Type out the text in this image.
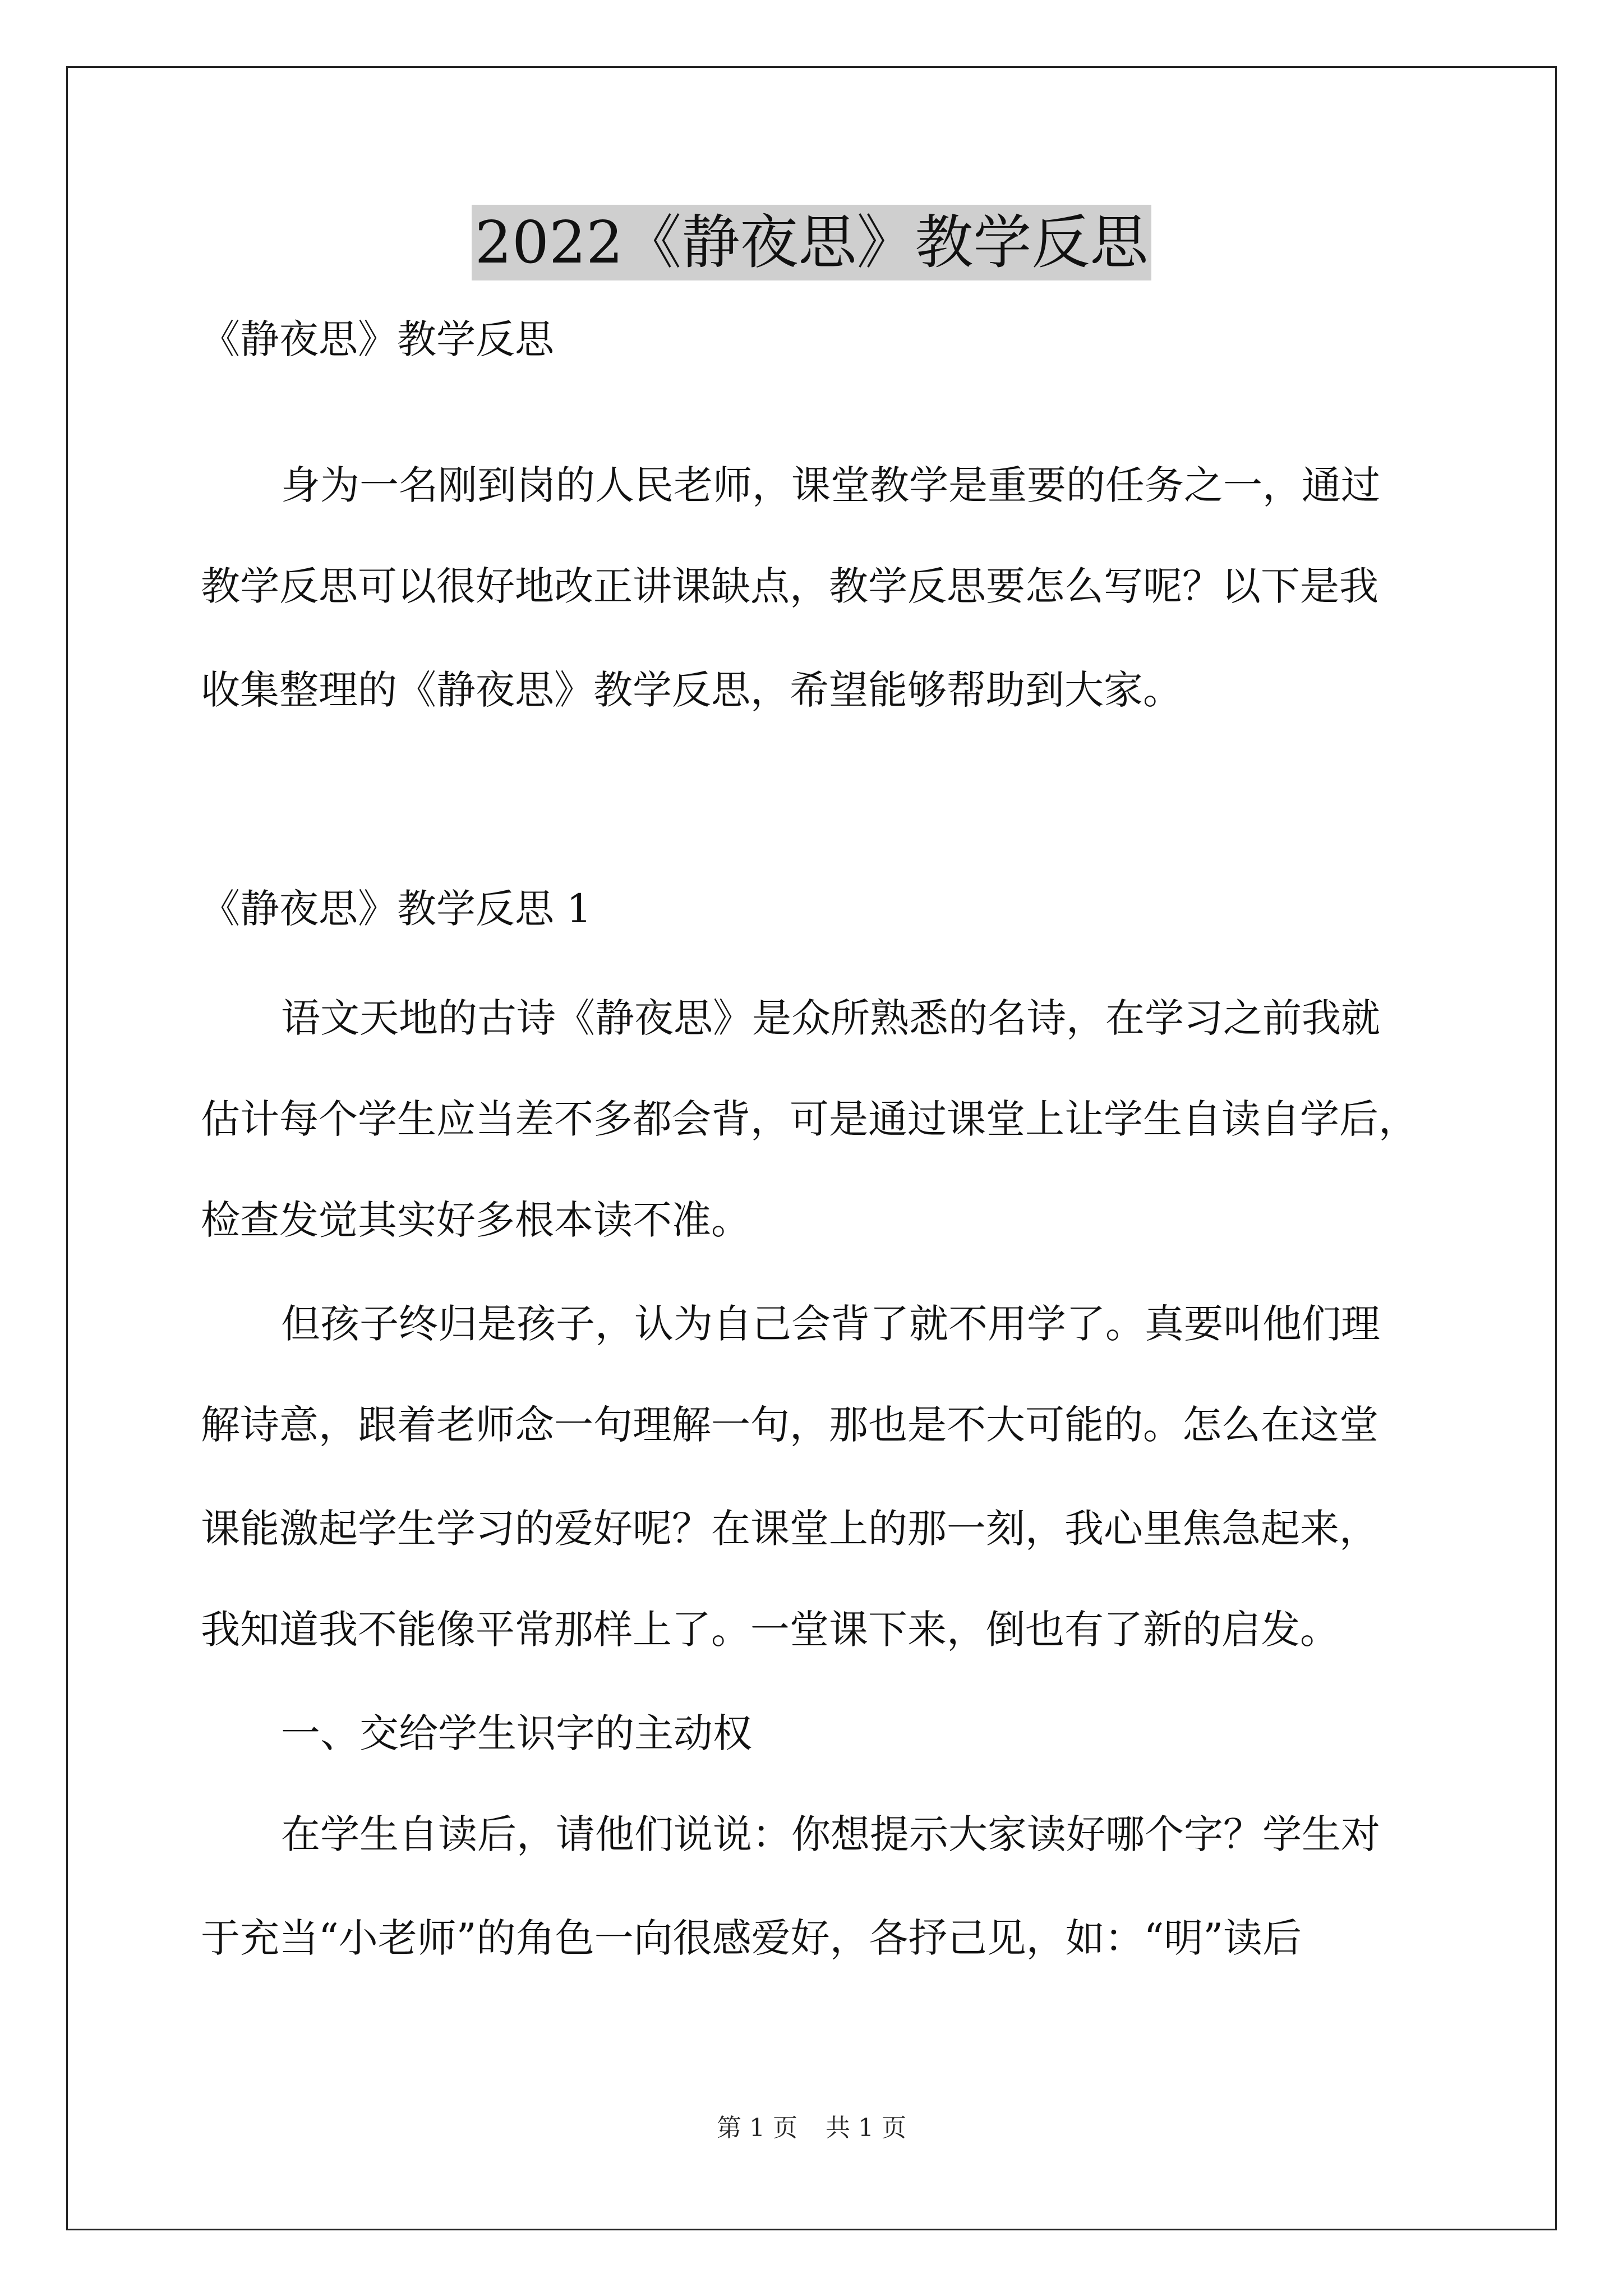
2022《静夜思》教学反思
《静夜思》教学反思
身为一名刚到岗的人民老师，课堂教学是重要的任务之一，通过
教学反思可以很好地改正讲课缺点，教学反思要怎么写呢？以下是我
收集整理的《静夜思》教学反思，希望能够帮助到大家。
《静夜思》教学反思 1
语文天地的古诗《静夜思》是众所熟悉的名诗，在学习之前我就
估计每个学生应当差不多都会背，可是通过课堂上让学生自读自学后，
检查发觉其实好多根本读不准。
但孩子终归是孩子，认为自己会背了就不用学了。真要叫他们理
解诗意，跟着老师念一句理解一句，那也是不大可能的。怎么在这堂
课能激起学生学习的爱好呢？在课堂上的那一刻，我心里焦急起来，
我知道我不能像平常那样上了。一堂课下来，倒也有了新的启发。
一、交给学生识字的主动权
在学生自读后，请他们说说：你想提示大家读好哪个字？学生对
于充当“小老师”的角色一向很感爱好，各抒己见，如：“明”读后
第 1 页 共 1 页
